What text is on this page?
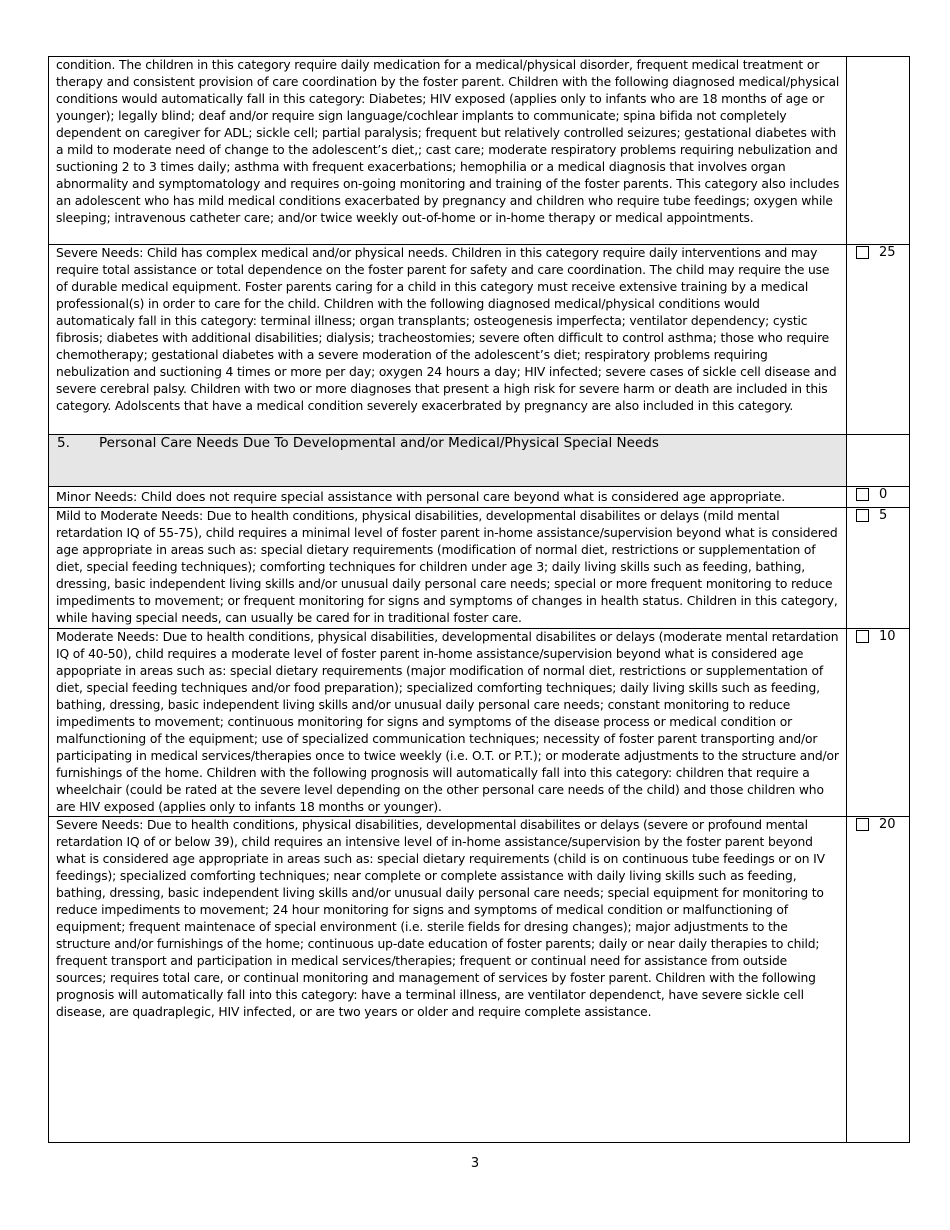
condition. The children in this category require daily medication for a medical/physical disorder, frequent medical treatment or therapy and consistent provision of care coordination by the foster parent. Children with the following diagnosed medical/physical conditions would automatically fall in this category: Diabetes; HIV exposed (applies only to infants who are 18 months of age or younger); legally blind; deaf and/or require sign language/cochlear implants to communicate; spina bifida not completely dependent on caregiver for ADL; sickle cell; partial paralysis; frequent but relatively controlled seizures; gestational diabetes with a mild to moderate need of change to the adolescent’s diet,; cast care; moderate respiratory problems requiring nebulization and suctioning 2 to 3 times daily; asthma with frequent exacerbations; hemophilia or a medical diagnosis that involves organ abnormality and symptomatology and requires on-going monitoring and training of the foster parents. This category also includes an adolescent who has mild medical conditions exacerbated by pregnancy and children who require tube feedings; oxygen while sleeping; intravenous catheter care; and/or twice weekly out-of-home or in-home therapy or medical appointments.	

Severe Needs: Child has complex medical and/or physical needs. Children in this category require daily interventions and may require total assistance or total dependence on the foster parent for safety and care coordination. The child may require the use of durable medical equipment. Foster parents caring for a child in this category must receive extensive training by a medical professional(s) in order to care for the child. Children with the following diagnosed medical/physical conditions would automaticaly fall in this category: terminal illness; organ transplants; osteogenesis imperfecta; ventilator dependency; cystic fibrosis; diabetes with additional disabilities; dialysis; tracheostomies; severe often difficult to control asthma; those who require chemotherapy; gestational diabetes with a severe moderation of the adolescent’s diet; respiratory problems requiring nebulization and suctioning 4 times or more per day; oxygen 24 hours a day; HIV infected; severe cases of sickle cell disease and severe cerebral palsy. Children with two or more diagnoses that present a high risk for severe harm or death are included in this category. Adolscents that have a medical condition severely exacerbrated by pregnancy are also included in this category.	25

5. Personal Care Needs Due To Developmental and/or Medical/Physical Special Needs	

Minor Needs: Child does not require special assistance with personal care beyond what is considered age appropriate.	0

Mild to Moderate Needs: Due to health conditions, physical disabilities, developmental disabilites or delays (mild mental retardation IQ of 55-75), child requires a minimal level of foster parent in-home assistance/supervision beyond what is considered age appropriate in areas such as: special dietary requirements (modification of normal diet, restrictions or supplementation of diet, special feeding techniques); comforting techniques for children under age 3; daily living skills such as feeding, bathing, dressing, basic independent living skills and/or unusual daily personal care needs; special or more frequent monitoring to reduce impediments to movement; or frequent monitoring for signs and symptoms of changes in health status. Children in this category, while having special needs, can usually be cared for in traditional foster care.	5

Moderate Needs: Due to health conditions, physical disabilities, developmental disabilites or delays (moderate mental retardation IQ of 40-50), child requires a moderate level of foster parent in-home assistance/supervision beyond what is considered age appopriate in areas such as: special dietary requirements (major modification of normal diet, restrictions or supplementation of diet, special feeding techniques and/or food preparation); specialized comforting techniques; daily living skills such as feeding, bathing, dressing, basic independent living skills and/or unusual daily personal care needs; constant monitoring to reduce impediments to movement; continuous monitoring for signs and symptoms of the disease process or medical condition or malfunctioning of the equipment; use of specialized communication techniques; necessity of foster parent transporting and/or participating in medical services/therapies once to twice weekly (i.e. O.T. or P.T.); or moderate adjustments to the structure and/or furnishings of the home. Children with the following prognosis will automatically fall into this category: children that require a wheelchair (could be rated at the severe level depending on the other personal care needs of the child) and those children who are HIV exposed (applies only to infants 18 months or younger).	10

Severe Needs: Due to health conditions, physical disabilities, developmental disabilites or delays (severe or profound mental retardation IQ of or below 39), child requires an intensive level of in-home assistance/supervision by the foster parent beyond what is considered age appropriate in areas such as: special dietary requirements (child is on continuous tube feedings or on IV feedings); specialized comforting techniques; near complete or complete assistance with daily living skills such as feeding, bathing, dressing, basic independent living skills and/or unusual daily personal care needs; special equipment for monitoring to reduce impediments to movement; 24 hour monitoring for signs and symptoms of medical condition or malfunctioning of equipment; frequent maintenace of special environment (i.e. sterile fields for dresing changes); major adjustments to the structure and/or furnishings of the home; continuous up-date education of foster parents; daily or near daily therapies to child; frequent transport and participation in medical services/therapies; frequent or continual need for assistance from outside sources; requires total care, or continual monitoring and management of services by foster parent. Children with the following prognosis will automatically fall into this category: have a terminal illness, are ventilator dependenct, have severe sickle cell disease, are quadraplegic, HIV infected, or are two years or older and require complete assistance.	20
3
